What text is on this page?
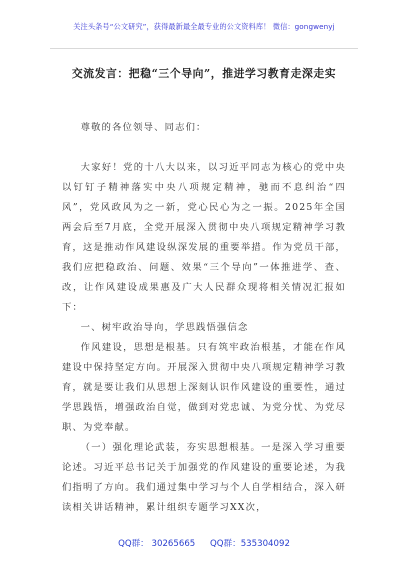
关注头条号“公文研究”，获得最新最全最专业的公文资料库！ 微信：gongwenyj
交流发言：把稳“三个导向”，推进学习教育走深走实

尊敬的各位领导、同志们：

大家好！党的十八大以来，以习近平同志为核心的党中央以钉钉子精神落实中央八项规定精神，驰而不息纠治“四风”，党风政风为之一新，党心民心为之一振。2025年全国两会后至7月底，全党开展深入贯彻中央八项规定精神学习教育，这是推动作风建设纵深发展的重要举措。作为党员干部，我们应把稳政治、问题、效果“三个导向”一体推进学、查、改，让作风建设成果惠及广大人民群众现将相关情况汇报如下：

一、树牢政治导向，学思践悟强信念

作风建设，思想是根基。只有筑牢政治根基，才能在作风建设中保持坚定方向。开展深入贯彻中央八项规定精神学习教育，就是要让我们从思想上深刻认识作风建设的重要性，通过学思践悟，增强政治自觉，做到对党忠诚、为党分忧、为党尽职、为党奉献。

（一）强化理论武装，夯实思想根基。一是深入学习重要论述。习近平总书记关于加强党的作风建设的重要论述，为我们指明了方向。我们通过集中学习与个人自学相结合，深入研读相关讲话精神，累计组织专题学习XX次，

QQ群： 30265665 QQ群：535304092
